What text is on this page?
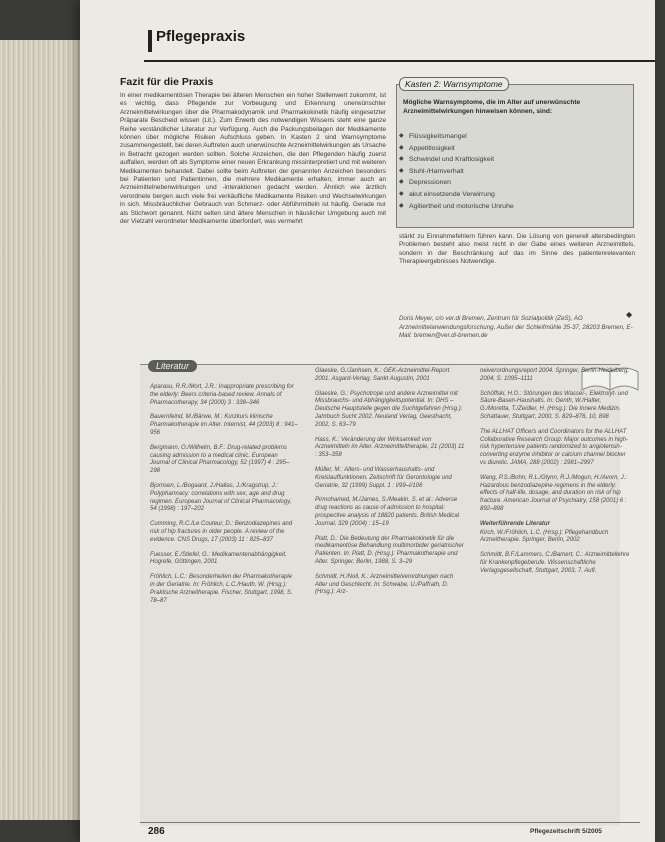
Pflegepraxis
Fazit für die Praxis
In einer medikamentösen Therapie bei älteren Menschen ein hoher Stellenwert zukommt, ist es wichtig, dass Pflegende zur Vorbeugung und Erkennung unerwünschter Arzneimittelwirkungen über die Pharmakodynamik und Pharmakokinetik häufig eingesetzter Präparate Bescheid wissen (Lit.). Zum Erwerb des notwendigen Wissens steht eine ganze Reihe verständlicher Literatur zur Verfügung. Auch die Packungsbeilagen der Medikamente können über mögliche Risiken Aufschluss geben. In Kasten 2 sind Warnsymptome zusammengestellt, bei deren Auftreten auch unerwünschte Arzneimittelwirkungen als Ursache in Betracht gezogen werden sollten. Solche Anzeichen, die den Pflegenden häufig zuerst auffallen, werden oft als Symptome einer neuen Erkrankung missinterpretiert und mit weiteren Medikamenten behandelt. Dabei sollte beim Auftreten der genannten Anzeichen besonders bei Patienten und Patientinnen, die mehrere Medikamente erhalten, immer auch an Arzneimittelnebenwirkungen und -interaktionen gedacht werden. Ähnlich wie ärztlich verordnete bergen auch viele frei verkäufliche Medikamente Risiken und Wechselwirkungen in sich. Missbräuchlicher Gebrauch von Schmerz- oder Abführmitteln ist häufig. Gerade nur als Stichwort genannt. Nicht selten sind ältere Menschen in häuslicher Umgebung auch mit der Vielzahl verordneter Medikamente überfordert, was vermehrt
Kasten 2: Warnsymptome
Mögliche Warnsymptome, die im Alter auf unerwünschte Arzneimittelwirkungen hinweisen können, sind:
◆ Flüssigkeitsmangel
◆ Appetitlosigkeit
◆ Schwindel und Kraftlosigkeit
◆ Stuhl-/Harnverhalt
◆ Depressionen
◆ akut einsetzende Verwirrung
◆ Agitiertheit und motorische Unruhe
stärkt zu Einnahmefehlern führen kann. Die Lösung von generell altersbedingten Problemen besteht also meist nicht in der Gabe eines weiteren Arzneimittels, sondern in der Beschränkung auf das im Sinne des patientenrelevanten Therapieergebnisses Notwendige.
◆
Doris Meyer, c/o ver.di Bremen, Zentrum für Sozialpolitik (ZeS), AG Arzneimittelanwendungsforschung, Außer der Schleifmühle 35-37, 28203 Bremen, E-Mail: bremen@ver.di-bremen.de
Literatur

Aparasu, R.R./Mort, J.R.: Inappropriate prescribing for the elderly: Beers criteria-based review. Annals of Pharmacotherapy, 34 (2000) 3 : 338–346

Bauernfeind, M./Bärwe, M.: Kurzkurs klinische Pharmakotherapie im Alter. Internist, 44 (2003) 8 : 941–956

Bergmann, O./Wilhelm, B.F.: Drug-related problems causing admission to a medical clinic. European Journal of Clinical Pharmacology, 52 (1997) 4 : 295–298

Bjornsen, L./Bogaard, J./Hallas, J./Kragstrup, J.: Polypharmacy: correlations with sex, age and drug regimen. European Journal of Clinical Pharmacology, 54 (1998) : 197–202

Cumming, R.C./Le Couteur, D.: Benzodiazepines and risk of hip fractures in older people. A review of the evidence. CNS Drugs, 17 (2003) 11 : 825–837

Fuesser, E./Stiefel, G.: Medikamentenabhängigkeit. Hogrefe, Göttingen, 2001

Fröhlich, L.C.: Besonderheiten der Pharmakotherapie in der Geriatrie. In: Fröhlich, L.C./Hauth, W. (Hrsg.): Praktische Arzneitherapie. Fischer, Stuttgart, 1998, S. 78–87

Glaeske, G./Janhsen, K.: GEK-Arzneimittel-Report 2001. Asgard-Verlag, Sankt Augustin, 2001

Glaeske, G.: Psychotrope und andere Arzneimittel mit Missbrauchs- und Abhängigkeitspotential. In: DHS – Deutsche Hauptstelle gegen die Suchtgefahren (Hrsg.): Jahrbuch Sucht 2002. Neuland Verlag, Geesthacht, 2002, S. 63–79

Hass, K.: Veränderung der Wirksamkeit von Arzneimitteln im Alter. Arzneimitteltherapie, 21 (2003) 11 : 353–358

Müller, M.: Alters- und Wasserhaushalts- und Kreislauffunktionen. Zeitschrift für Gerontologie und Geriatrie, 32 (1999) Suppl. 1 : I/99–I/106

Pirmohamed, M./James, S./Meakin, S. et al.: Adverse drug reactions as cause of admission to hospital: prospective analysis of 18820 patients. British Medical Journal, 329 (2004) : 15–19

Platt, D.: Die Bedeutung der Pharmakokinetik für die medikamentöse Behandlung multimorbider geriatrischer Patienten. In: Platt, D. (Hrsg.): Pharmakotherapie und Alter. Springer, Berlin, 1988, S. 3–29

Schmidt, H./Noll, K.: Arzneimittelverordnungen nach Alter und Geschlecht. In: Schwabe, U./Paffrath, D. (Hrsg.): Arz-

neiverordnungsreport 2004. Springer, Berlin-Heidelberg, 2004, S. 1095–1111

Schöffski, H.O.: Störungen des Wasser-, Elektrolyt- und Säure-Basen-Haushalts. In: Genth, W./Halter, G./Moretta, T./Zeidler, H. (Hrsg.): Die Innere Medizin. Schattauer, Stuttgart, 2000, S. 829–876, 10, 898

The ALLHAT Officers and Coordinators for the ALLHAT Collaborative Research Group: Major outcomes in high-risk hypertensive patients randomized to angiotensin-converting enzyme inhibitor or calcium channel blocker vs diuretic. JAMA, 288 (2002) : 2981–2997

Wang, P.S./Bohn, R.L./Glynn, R.J./Mogun, H./Avorn, J.: Hazardous benzodiazepine regimens in the elderly: effects of half-life, dosage, and duration on risk of hip fracture. American Journal of Psychiatry, 158 (2001) 6 : 892–898

Weiterführende Literatur

Kirch, W./Fröhlich, L.C. (Hrsg.): Pflegehandbuch Arzneitherapie. Springer, Berlin, 2002

Schmidt, B.F./Lammers, C./Bamert, C.: Arzneimittellehre für Krankenpflegeberufe. Wissenschaftliche Verlagsgesellschaft, Stuttgart, 2003, 7. Aufl.

286	Pflegezeitschrift 5/2005
